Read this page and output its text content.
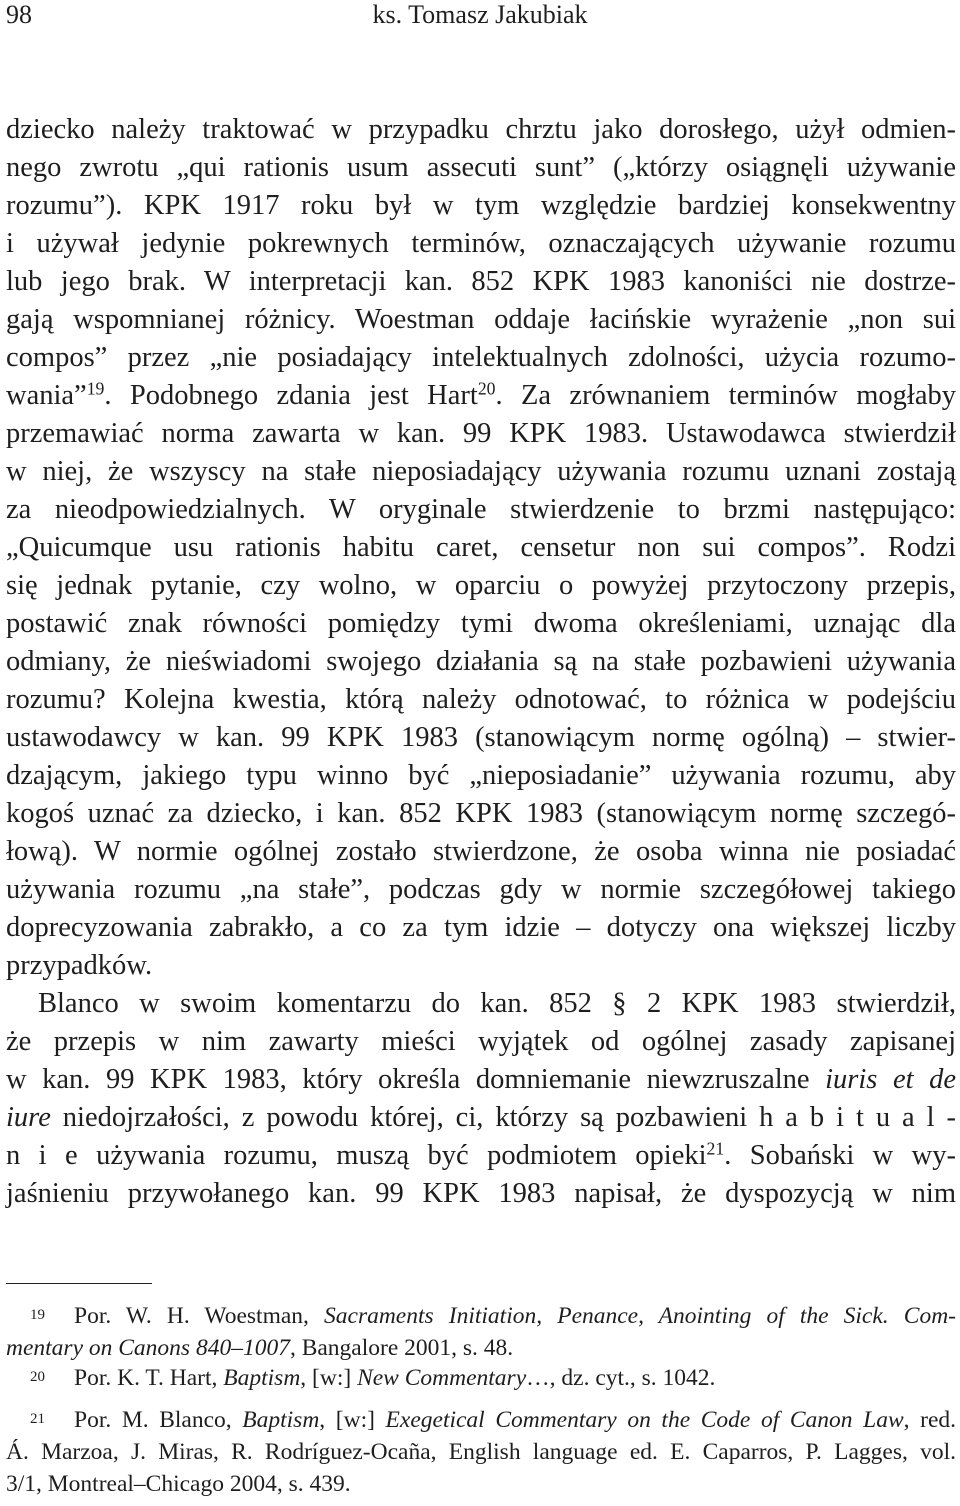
98	ks. Tomasz Jakubiak
dziecko należy traktować w przypadku chrztu jako dorosłego, użył odmien-
nego zwrotu „qui rationis usum assecuti sunt” („którzy osiągnęli używanie
rozumu”). KPK 1917 roku był w tym względzie bardziej konsekwentny
i używał jedynie pokrewnych terminów, oznaczających używanie rozumu
lub jego brak. W interpretacji kan. 852 KPK 1983 kanoniści nie dostrze-
gają wspomnianej różnicy. Woestman oddaje łacińskie wyrażenie „non sui
compos” przez „nie posiadający intelektualnych zdolności, użycia rozumo-
wania”$^{19}$. Podobnego zdania jest Hart$^{20}$. Za zrównaniem terminów mogłaby
przemawiać norma zawarta w kan. 99 KPK 1983. Ustawodawca stwierdził
w niej, że wszyscy na stałe nieposiadający używania rozumu uznani zostają
za nieodpowiedzialnych. W oryginale stwierdzenie to brzmi następująco:
„Quicumque usu rationis habitu caret, censetur non sui compos”. Rodzi
się jednak pytanie, czy wolno, w oparciu o powyżej przytoczony przepis,
postawić znak równości pomiędzy tymi dwoma określeniami, uznając dla
odmiany, że nieświadomi swojego działania są na stałe pozbawieni używania
rozumu? Kolejna kwestia, którą należy odnotować, to różnica w podejściu
ustawodawcy w kan. 99 KPK 1983 (stanowiącym normę ogólną) – stwier-
dzającym, jakiego typu winno być „nieposiadanie” używania rozumu, aby
kogoś uznać za dziecko, i kan. 852 KPK 1983 (stanowiącym normę szczegó-
łową). W normie ogólnej zostało stwierdzone, że osoba winna nie posiadać
używania rozumu „na stałe”, podczas gdy w normie szczegółowej takiego
doprecyzowania zabrakło, a co za tym idzie – dotyczy ona większej liczby
przypadków.
Blanco w swoim komentarzu do kan. 852 § 2 KPK 1983 stwierdził,
że przepis w nim zawarty mieści wyjątek od ogólnej zasady zapisanej
w kan. 99 KPK 1983, który określa domniemanie niewzruszalne iuris et de
iure niedojrzałości, z powodu której, ci, którzy są pozbawieni h a b i t u a l -
n i e używania rozumu, muszą być podmiotem opieki$^{21}$. Sobański w wy-
jaśnieniu przywołanego kan. 99 KPK 1983 napisał, że dyspozycją w nim
19	Por. W. H. Woestman, Sacraments Initiation, Penance, Anointing of the Sick. Com-
mentary on Canons 840–1007, Bangalore 2001, s. 48.
20	Por. K. T. Hart, Baptism, [w:] New Commentary…, dz. cyt., s. 1042.
21	Por. M. Blanco, Baptism, [w:] Exegetical Commentary on the Code of Canon Law, red.
Á. Marzoa, J. Miras, R. Rodríguez-Ocaña, English language ed. E. Caparros, P. Lagges, vol.
3/1, Montreal–Chicago 2004, s. 439.
